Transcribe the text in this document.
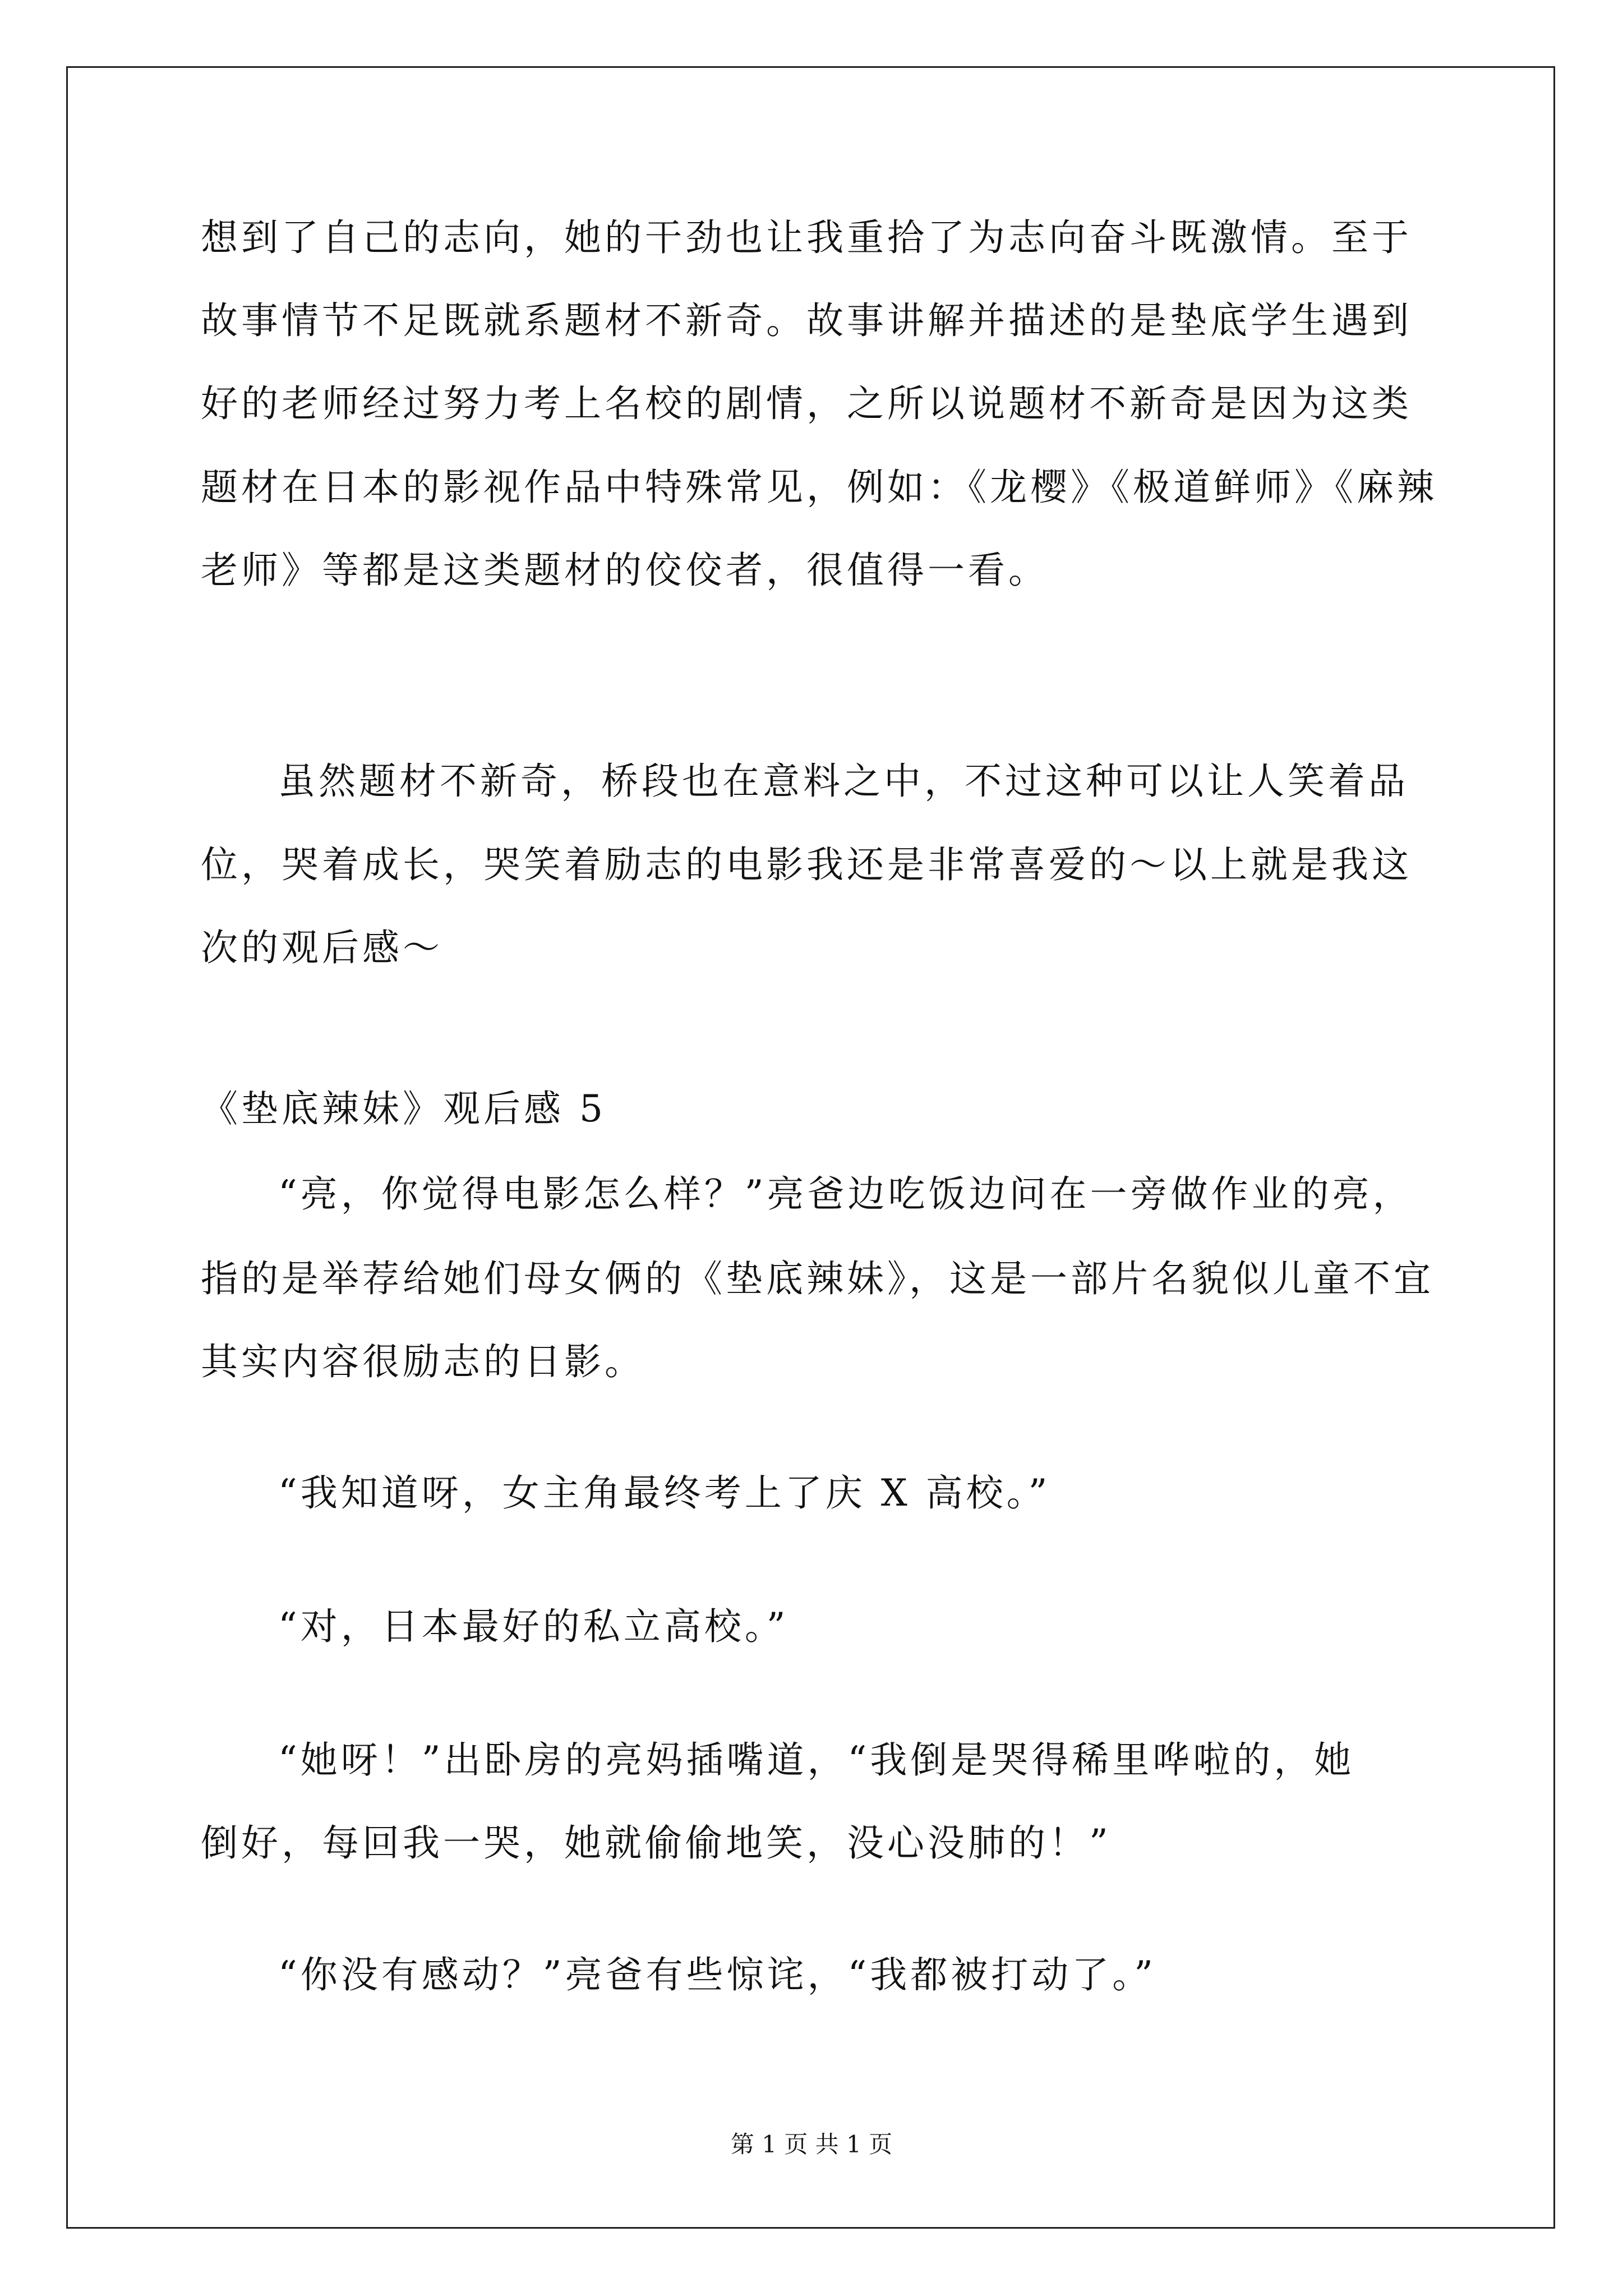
想到了自己的志向，她的干劲也让我重拾了为志向奋斗既激情。至于
故事情节不足既就系题材不新奇。故事讲解并描述的是垫底学生遇到
好的老师经过努力考上名校的剧情，之所以说题材不新奇是因为这类
题材在日本的影视作品中特殊常见，例如：《龙樱》《极道鲜师》《麻辣
老师》等都是这类题材的佼佼者，很值得一看。
虽然题材不新奇，桥段也在意料之中，不过这种可以让人笑着品
位，哭着成长，哭笑着励志的电影我还是非常喜爱的～以上就是我这
次的观后感～
《垫底辣妹》观后感 5
“亮，你觉得电影怎么样？”亮爸边吃饭边问在一旁做作业的亮，
指的是举荐给她们母女俩的《垫底辣妹》，这是一部片名貌似儿童不宜
其实内容很励志的日影。
“我知道呀，女主角最终考上了庆 X 高校。”
“对，日本最好的私立高校。”
“她呀！”出卧房的亮妈插嘴道，“我倒是哭得稀里哗啦的，她
倒好，每回我一哭，她就偷偷地笑，没心没肺的！”
“你没有感动？”亮爸有些惊诧，“我都被打动了。”
第 1 页 共 1 页
